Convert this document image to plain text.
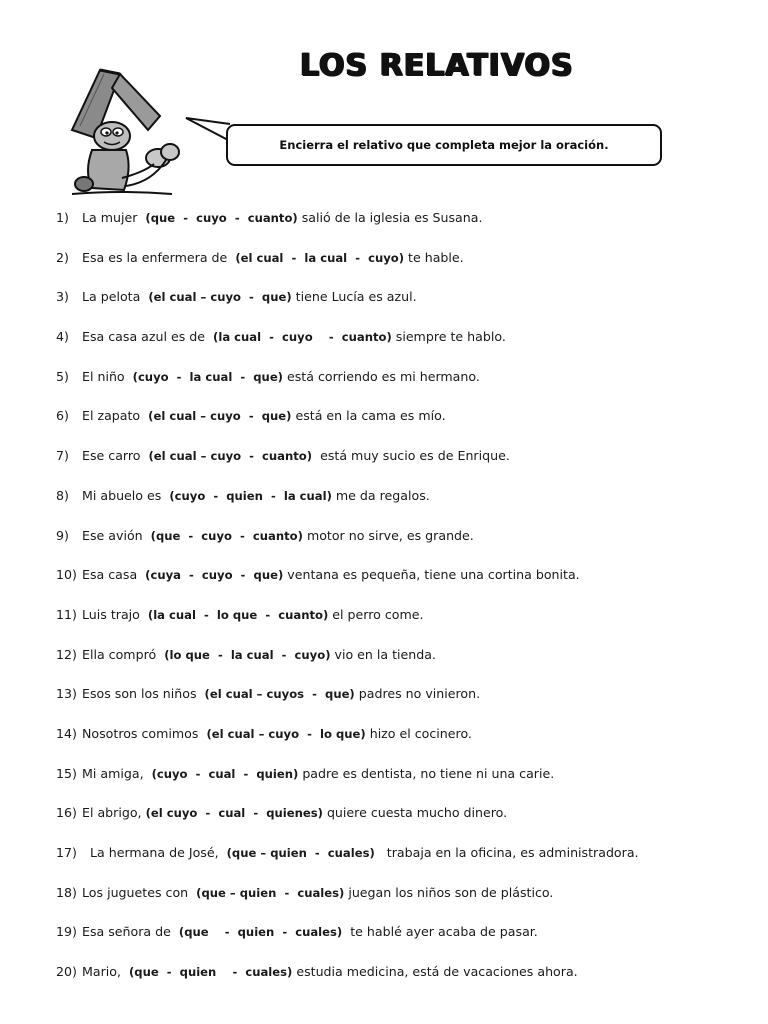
LOS RELATIVOS
Encierra el relativo que completa mejor la oración.
1) La mujer  (que  -  cuyo  -  cuanto) salió de la iglesia es Susana.
2) Esa es la enfermera de  (el cual  -  la cual  -  cuyo) te hable.
3) La pelota  (el cual – cuyo  -  que) tiene Lucía es azul.
4) Esa casa azul es de  (la cual  -  cuyo    -  cuanto) siempre te hablo.
5) El niño  (cuyo  -  la cual  -  que) está corriendo es mi hermano.
6) El zapato  (el cual – cuyo  -  que) está en la cama es mío.
7) Ese carro  (el cual – cuyo  -  cuanto)  está muy sucio es de Enrique.
8) Mi abuelo es  (cuyo  -  quien  -  la cual) me da regalos.
9) Ese avión  (que  -  cuyo  -  cuanto) motor no sirve, es grande.
10) Esa casa  (cuya  -  cuyo  -  que) ventana es pequeña, tiene una cortina bonita.
11) Luis trajo  (la cual  -  lo que  -  cuanto) el perro come.
12) Ella compró  (lo que  -  la cual  -  cuyo) vio en la tienda.
13) Esos son los niños  (el cual – cuyos  -  que) padres no vinieron.
14) Nosotros comimos  (el cual – cuyo  -  lo que) hizo el cocinero.
15) Mi amiga,  (cuyo  -  cual  -  quien) padre es dentista, no tiene ni una carie.
16) El abrigo, (el cuyo  -  cual  -  quienes) quiere cuesta mucho dinero.
17)  La hermana de José,  (que – quien  -  cuales)   trabaja en la oficina, es administradora.
18) Los juguetes con  (que – quien  -  cuales) juegan los niños son de plástico.
19) Esa señora de  (que    -  quien  -  cuales)  te hablé ayer acaba de pasar.
20) Mario,  (que  -  quien    -  cuales) estudia medicina, está de vacaciones ahora.
